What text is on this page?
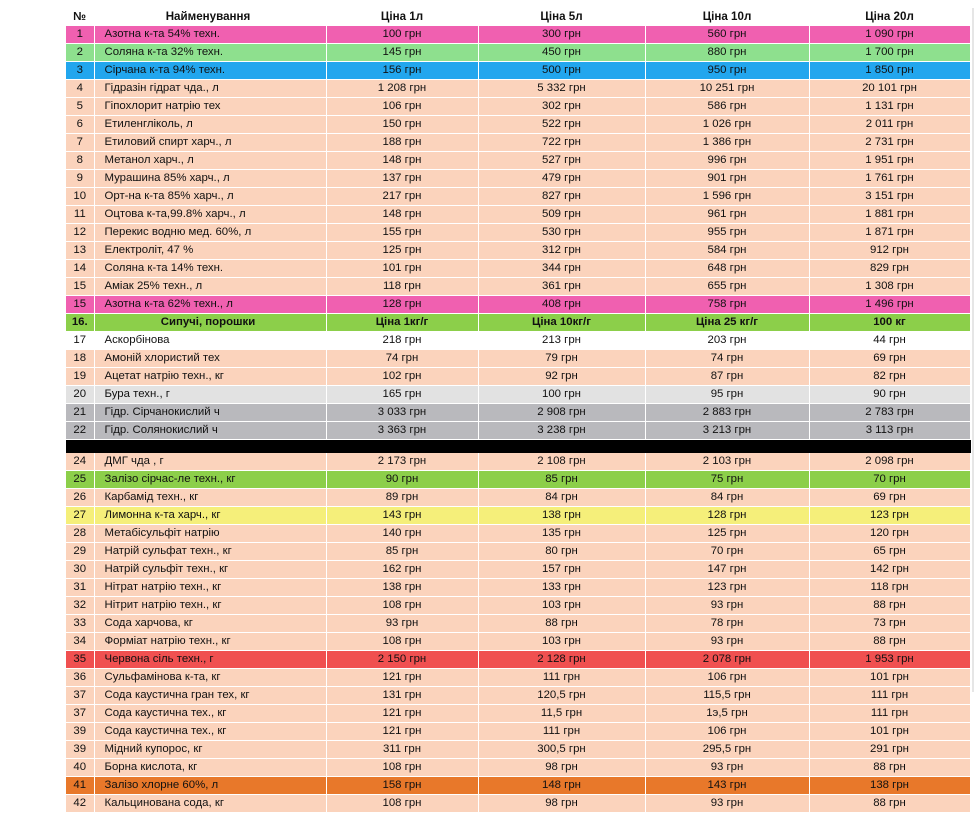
№	Найменування	Ціна 1л	Ціна 5л	Ціна 10л	Ціна 20л
1	Азотна к-та 54% техн.	100 грн	300 грн	560 грн	1 090 грн
2	Соляна к-та 32% техн.	145 грн	450 грн	880 грн	1 700 грн
3	Сірчана к-та 94% техн.	156 грн	500 грн	950 грн	1 850 грн
4	Гідразін гідрат чда., л	1 208 грн	5 332 грн	10 251 грн	20 101 грн
5	Гіпохлорит натрію тех	106 грн	302 грн	586 грн	1 131 грн
6	Етиленгліколь, л	150 грн	522 грн	1 026 грн	2 011 грн
7	Етиловий спирт харч., л	188 грн	722 грн	1 386 грн	2 731 грн
8	Метанол харч., л	148 грн	527 грн	996 грн	1 951 грн
9	Мурашина 85% харч., л	137 грн	479 грн	901 грн	1 761 грн
10	Орт-на к-та 85% харч., л	217 грн	827 грн	1 596 грн	3 151 грн
11	Оцтова к-та,99.8% харч., л	148 грн	509 грн	961 грн	1 881 грн
12	Перекис водню мед. 60%, л	155 грн	530 грн	955 грн	1 871 грн
13	Електроліт, 47 %	125 грн	312 грн	584 грн	912 грн
14	Соляна к-та 14% техн.	101 грн	344 грн	648 грн	829 грн
15	Аміак 25% техн., л	118 грн	361 грн	655 грн	1 308 грн
15	Азотна к-та 62% техн., л	128 грн	408 грн	758 грн	1 496 грн
16.	Сипучі, порошки	Ціна 1кг/г	Ціна 10кг/г	Ціна 25 кг/г	100 кг
17	Аскорбінова	218 грн	213 грн	203 грн	44 грн
18	Амоній хлористий тех	74 грн	79 грн	74 грн	69 грн
19	Ацетат натрію техн., кг	102 грн	92 грн	87 грн	82 грн
20	Бура техн., г	165 грн	100 грн	95 грн	90 грн
21	Гідр. Сірчанокислий ч	3 033 грн	2 908 грн	2 883 грн	2 783 грн
22	Гідр. Солянокислий ч	3 363 грн	3 238 грн	3 213 грн	3 113 грн

24	ДМГ чда , г	2 173 грн	2 108 грн	2 103 грн	2 098 грн
25	Залізо сірчас-ле техн., кг	90 грн	85 грн	75 грн	70 грн
26	Карбамід техн., кг	89 грн	84 грн	84 грн	69 грн
27	Лимонна к-та харч., кг	143 грн	138 грн	128 грн	123 грн
28	Метабісульфіт натрію	140 грн	135 грн	125 грн	120 грн
29	Натрій сульфат техн., кг	85 грн	80 грн	70 грн	65 грн
30	Натрій сульфіт техн., кг	162 грн	157 грн	147 грн	142 грн
31	Нітрат натрію техн., кг	138 грн	133 грн	123 грн	118 грн
32	Нітрит натрію техн., кг	108 грн	103 грн	93 грн	88 грн
33	Сода харчова, кг	93 грн	88 грн	78 грн	73 грн
34	Формiат натрію техн., кг	108 грн	103 грн	93 грн	88 грн
35	Червона сіль техн., г	2 150 грн	2 128 грн	2 078 грн	1 953 грн
36	Сульфамінова к-та, кг	121 грн	111 грн	106 грн	101 грн
37	Сода каустична гран тех, кг	131 грн	120,5 грн	115,5 грн	111 грн
37	Сода каустична тех., кг	121 грн	11,5 грн	1э,5 грн	111 грн
39	Сода каустична тех., кг	121 грн	111 грн	106 грн	101 грн
39	Мідний купорос, кг	311 грн	300,5 грн	295,5 грн	291 грн
40	Борна кислота, кг	108 грн	98 грн	93 грн	88 грн
41	Залізо хлорне 60%, л	158 грн	148 грн	143 грн	138 грн
42	Кальцинована сода, кг	108 грн	98 грн	93 грн	88 грн
